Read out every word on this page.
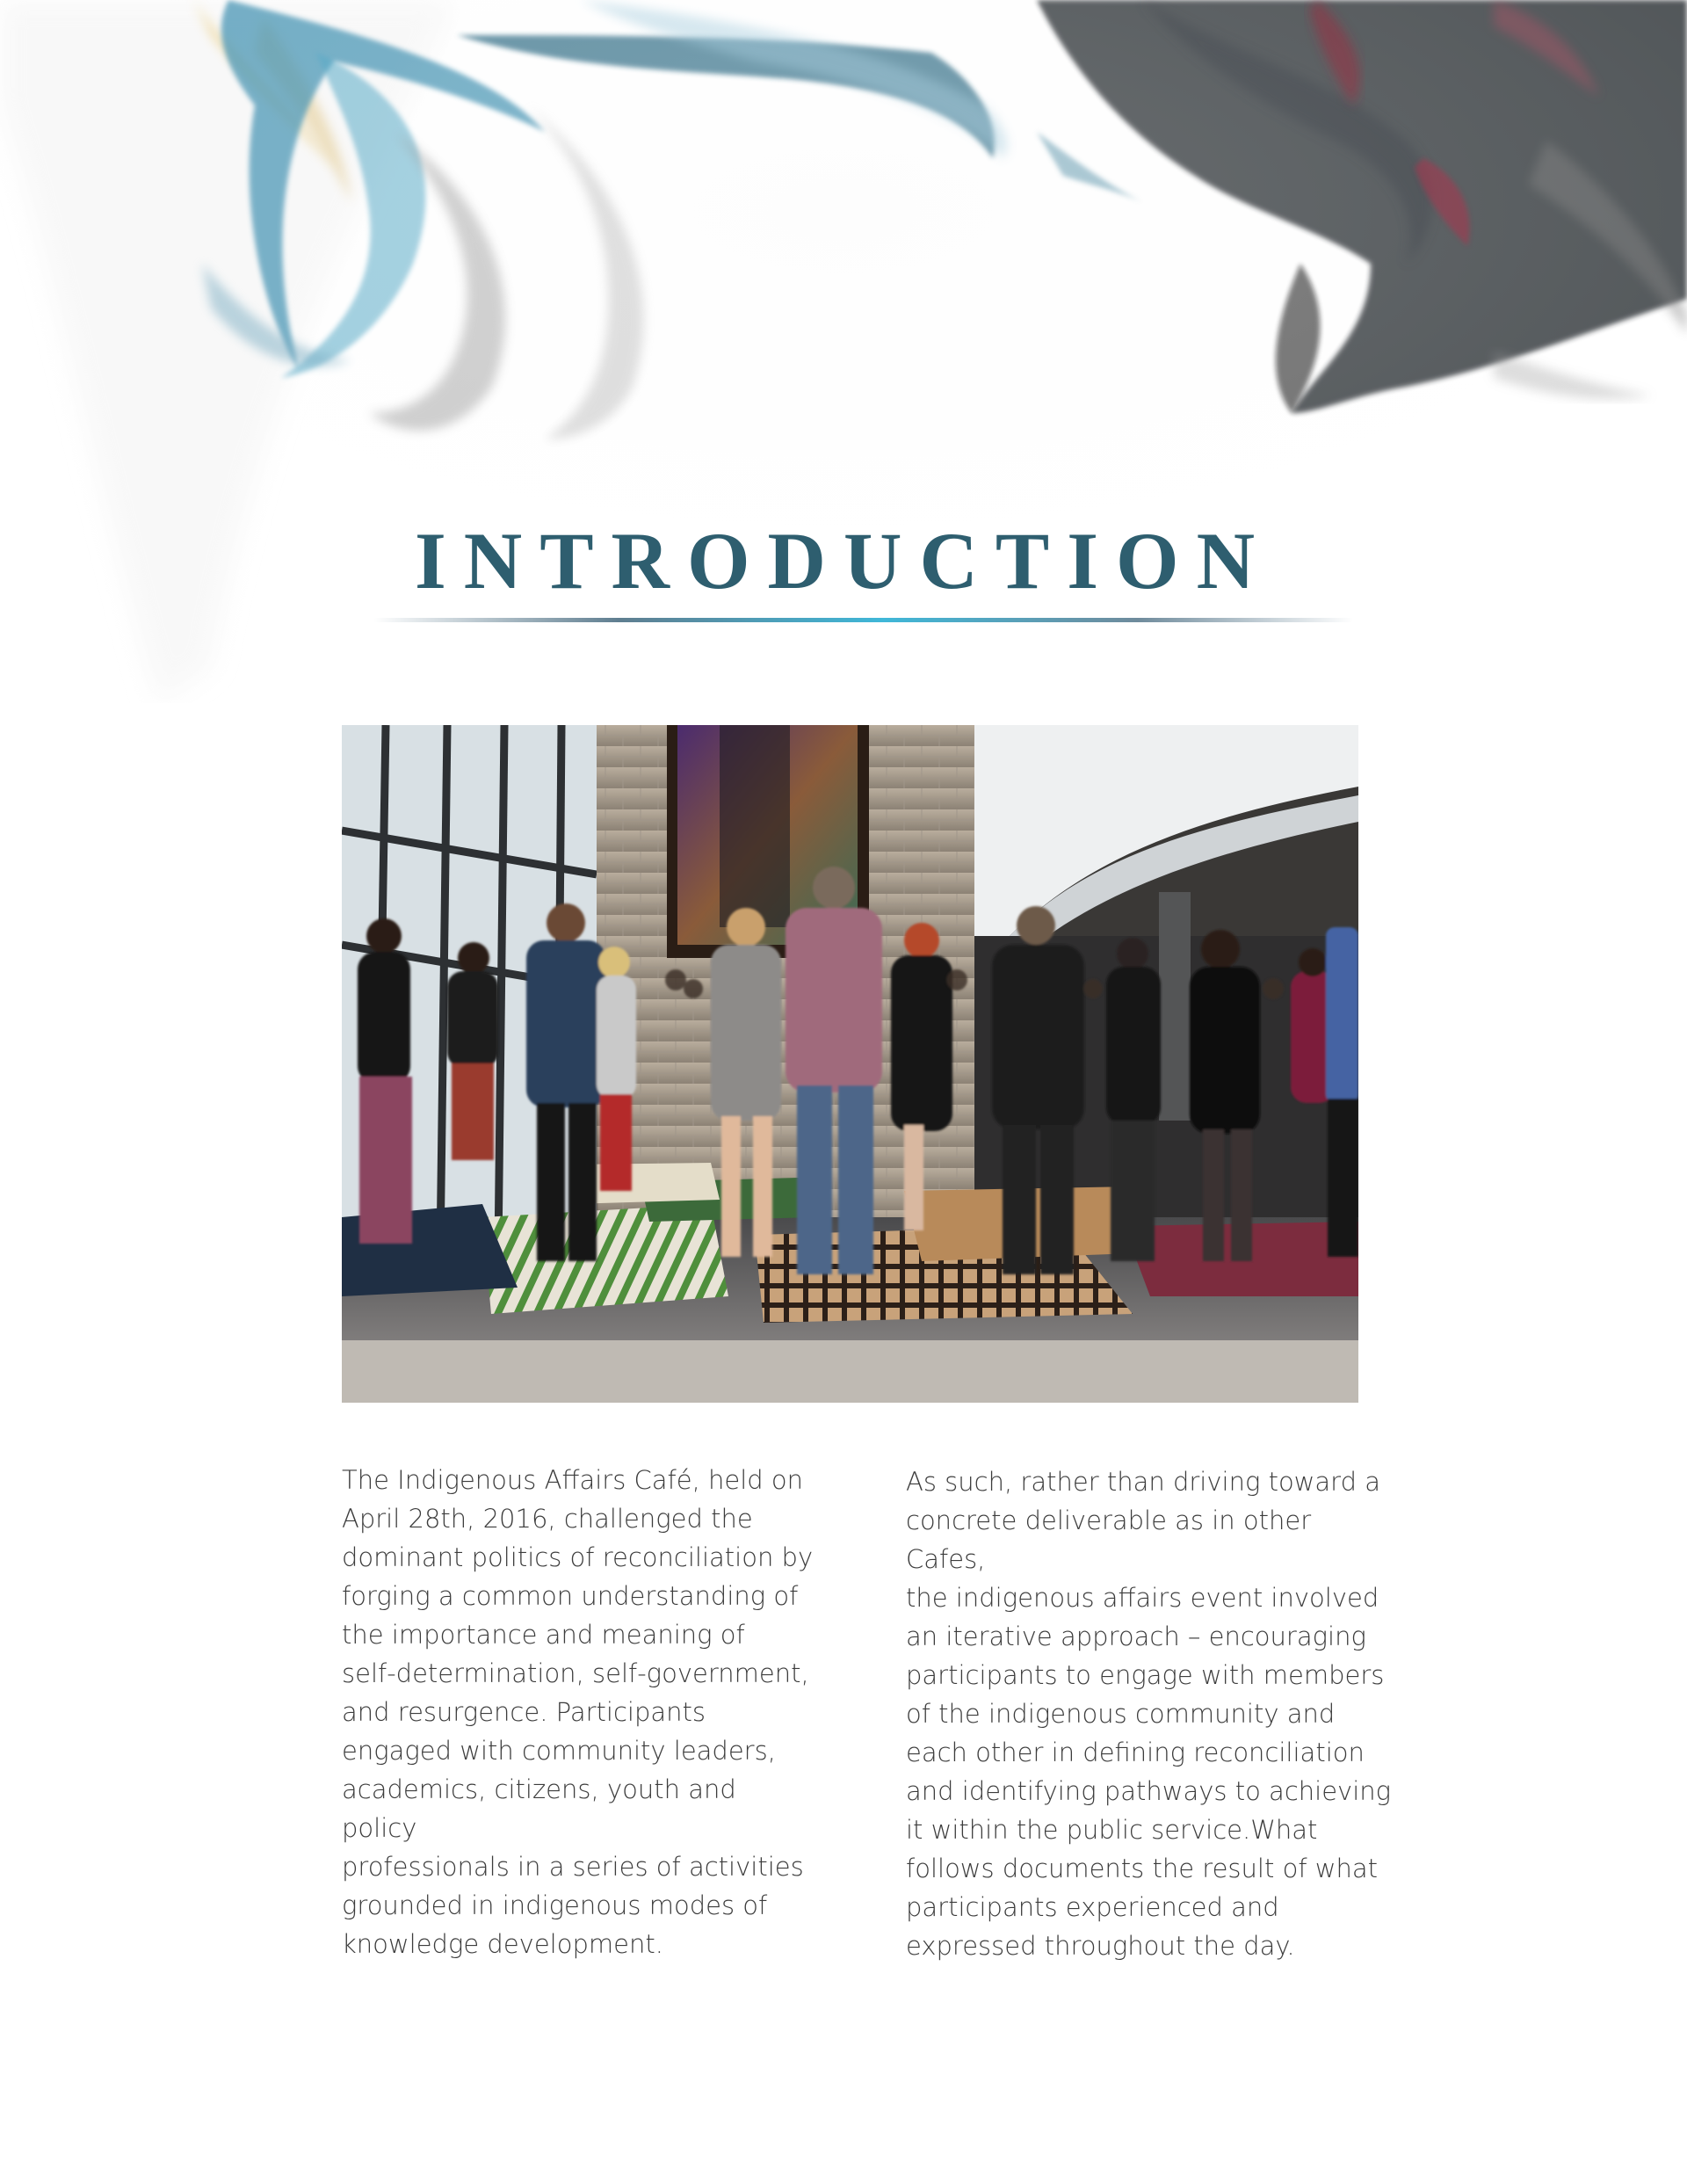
INTRODUCTION
The Indigenous Affairs Café, held on
April 28th, 2016, challenged the
dominant politics of reconciliation by
forging a common understanding of
the importance and meaning of
self-determination, self-government,
and resurgence. Participants
engaged with community leaders,
academics, citizens, youth and policy
professionals in a series of activities
grounded in indigenous modes of
knowledge development.
As such, rather than driving toward a
concrete deliverable as in other Cafes,
the indigenous affairs event involved
an iterative approach – encouraging
participants to engage with members
of the indigenous community and
each other in defining reconciliation
and identifying pathways to achieving
it within the public service.What
follows documents the result of what
participants experienced and
expressed throughout the day.
